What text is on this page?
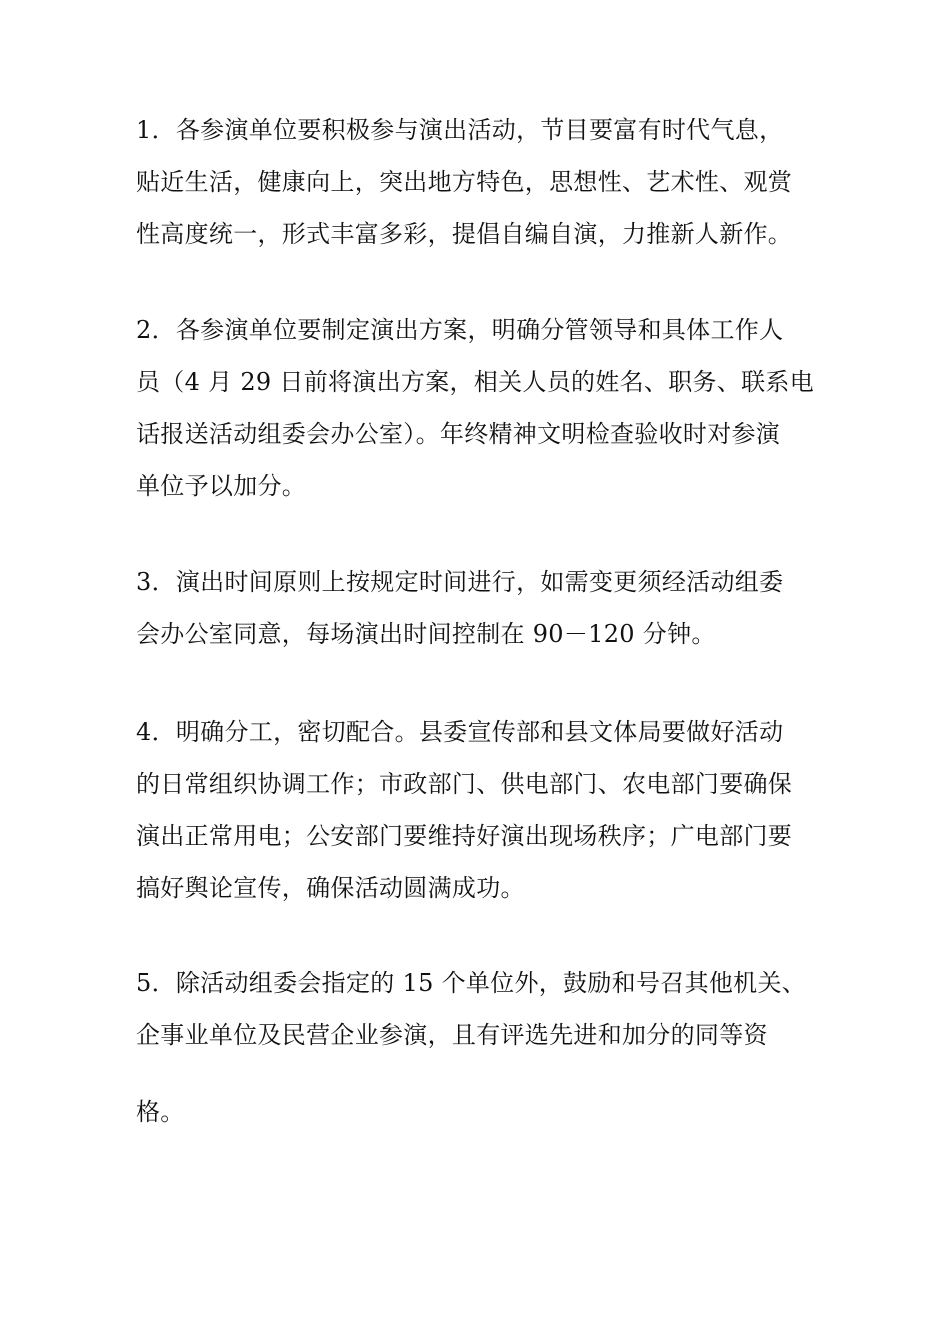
1．各参演单位要积极参与演出活动，节目要富有时代气息，
贴近生活，健康向上，突出地方特色，思想性、艺术性、观赏
性高度统一，形式丰富多彩，提倡自编自演，力推新人新作。

2．各参演单位要制定演出方案，明确分管领导和具体工作人
员（4 月 29 日前将演出方案，相关人员的姓名、职务、联系电
话报送活动组委会办公室）。年终精神文明检查验收时对参演
单位予以加分。

3．演出时间原则上按规定时间进行，如需变更须经活动组委
会办公室同意，每场演出时间控制在 90－120 分钟。

4．明确分工，密切配合。县委宣传部和县文体局要做好活动
的日常组织协调工作；市政部门、供电部门、农电部门要确保
演出正常用电；公安部门要维持好演出现场秩序；广电部门要
搞好舆论宣传，确保活动圆满成功。

5．除活动组委会指定的 15 个单位外，鼓励和号召其他机关、
企事业单位及民营企业参演，且有评选先进和加分的同等资

格。
